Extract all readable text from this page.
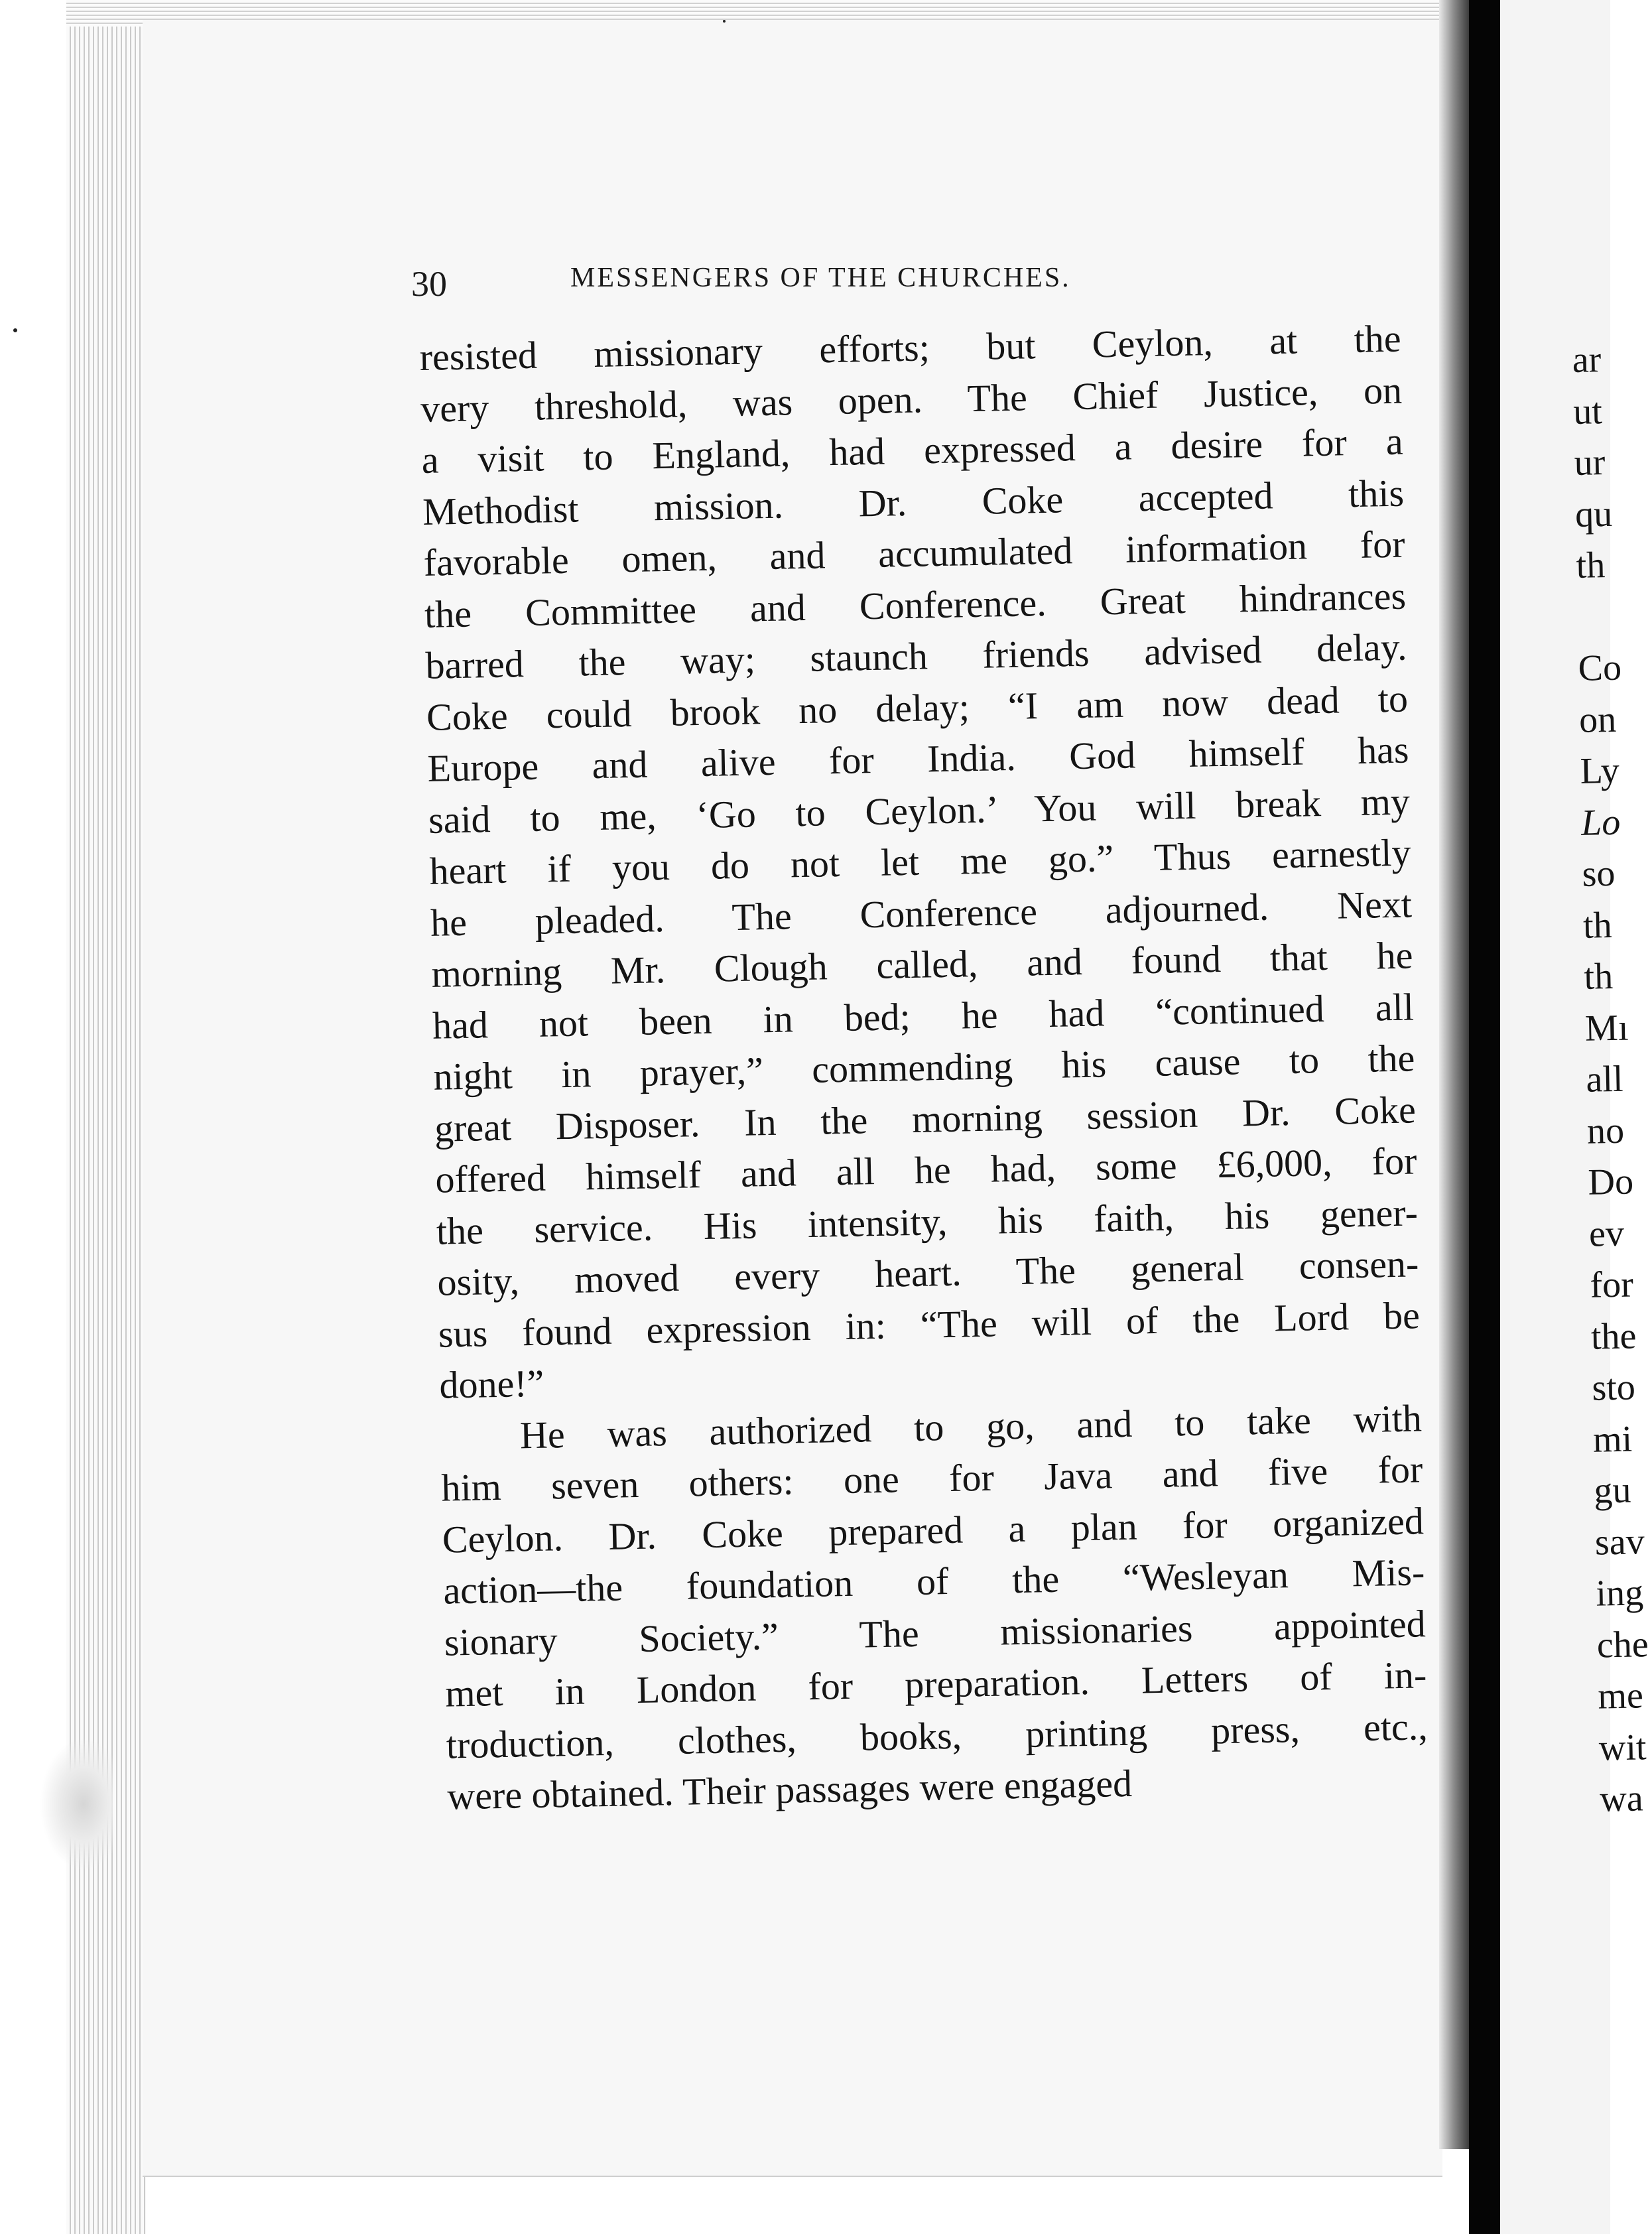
30	MESSENGERS OF THE CHURCHES.
resisted missionary efforts; but Ceylon, at the
very threshold, was open. The Chief Justice, on
a visit to England, had expressed a desire for a
Methodist mission. Dr. Coke accepted this
favorable omen, and accumulated information for
the Committee and Conference. Great hindrances
barred the way; staunch friends advised delay.
Coke could brook no delay; “I am now dead to
Europe and alive for India. God himself has
said to me, ‘Go to Ceylon.’ You will break my
heart if you do not let me go.” Thus earnestly
he pleaded. The Conference adjourned. Next
morning Mr. Clough called, and found that he
had not been in bed; he had “continued all
night in prayer,” commending his cause to the
great Disposer. In the morning session Dr. Coke
offered himself and all he had, some £6,000, for
the service. His intensity, his faith, his gener-
osity, moved every heart. The general consen-
sus found expression in: “The will of the Lord be
done!”
He was authorized to go, and to take with
him seven others: one for Java and five for
Ceylon. Dr. Coke prepared a plan for organized
action—the foundation of the “Wesleyan Mis-
sionary Society.” The missionaries appointed
met in London for preparation. Letters of in-
troduction, clothes, books, printing press, etc.,
were obtained. Their passages were engaged
ar
ut
ur
qu
th
Co
on
Ly
Lo
so
th
th
Mı
all
no
Do
ev
for
the
sto
mi
gu
sav
ing
che
me
wit
wa
